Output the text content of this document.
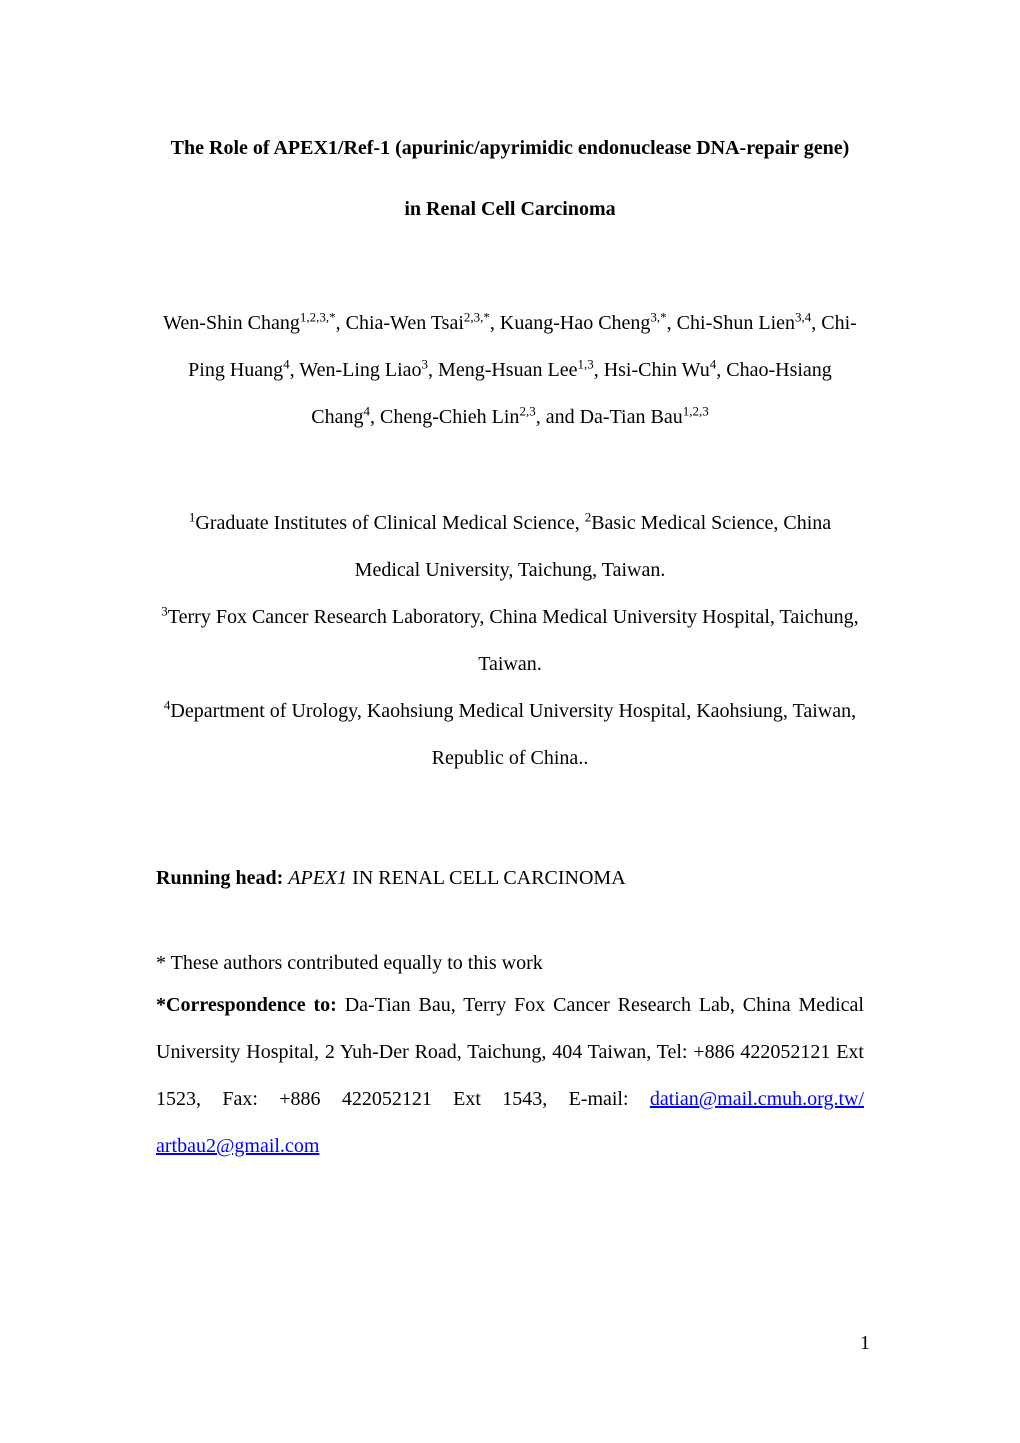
The Role of APEX1/Ref-1 (apurinic/apyrimidic endonuclease DNA-repair gene)
in Renal Cell Carcinoma
Wen-Shin Chang$^{1,2,3,*}$, Chia-Wen Tsai$^{2,3,*}$, Kuang-Hao Cheng$^{3,*}$, Chi-Shun Lien$^{3,4}$, Chi-Ping Huang$^4$, Wen-Ling Liao$^3$, Meng-Hsuan Lee$^{1,3}$, Hsi-Chin Wu$^4$, Chao-Hsiang Chang$^4$, Cheng-Chieh Lin$^{2,3}$, and Da-Tian Bau$^{1,2,3}$
$^1$Graduate Institutes of Clinical Medical Science, $^2$Basic Medical Science, China Medical University, Taichung, Taiwan.
$^3$Terry Fox Cancer Research Laboratory, China Medical University Hospital, Taichung, Taiwan.
$^4$Department of Urology, Kaohsiung Medical University Hospital, Kaohsiung, Taiwan, Republic of China..
Running head: APEX1 IN RENAL CELL CARCINOMA
* These authors contributed equally to this work
*Correspondence to: Da-Tian Bau, Terry Fox Cancer Research Lab, China Medical University Hospital, 2 Yuh-Der Road, Taichung, 404 Taiwan, Tel: +886 422052121 Ext 1523, Fax: +886 422052121 Ext 1543, E-mail: datian@mail.cmuh.org.tw/ artbau2@gmail.com
1
